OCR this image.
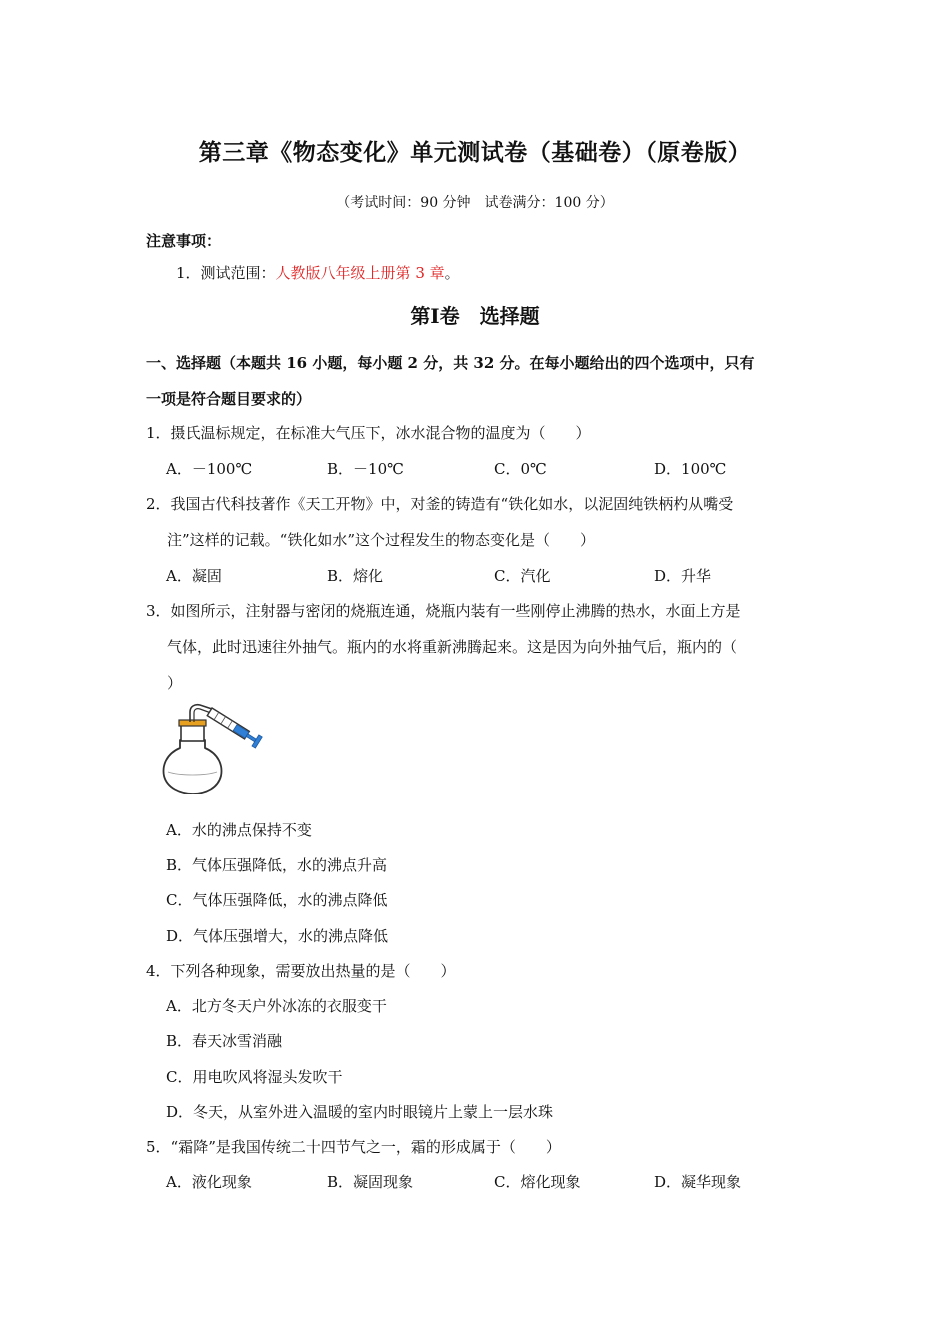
第三章《物态变化》单元测试卷（基础卷）（原卷版）
（考试时间：90 分钟　试卷满分：100 分）
注意事项：
1．测试范围：人教版八年级上册第 3 章。
第Ⅰ卷　选择题
一、选择题（本题共 16 小题，每小题 2 分，共 32 分。在每小题给出的四个选项中，只有
一项是符合题目要求的）
1．摄氏温标规定，在标准大气压下，冰水混合物的温度为（　　）
A．－100℃	B．－10℃	C．0℃	D．100℃
2．我国古代科技著作《天工开物》中，对釜的铸造有“铁化如水，以泥固纯铁柄杓从嘴受
注”这样的记载。“铁化如水”这个过程发生的物态变化是（　　）
A．凝固	B．熔化	C．汽化	D．升华
3．如图所示，注射器与密闭的烧瓶连通，烧瓶内装有一些刚停止沸腾的热水，水面上方是
气体，此时迅速往外抽气。瓶内的水将重新沸腾起来。这是因为向外抽气后，瓶内的（
）
A．水的沸点保持不变
B．气体压强降低，水的沸点升高
C．气体压强降低，水的沸点降低
D．气体压强增大，水的沸点降低
4．下列各种现象，需要放出热量的是（　　）
A．北方冬天户外冰冻的衣服变干
B．春天冰雪消融
C．用电吹风将湿头发吹干
D．冬天，从室外进入温暖的室内时眼镜片上蒙上一层水珠
5．“霜降”是我国传统二十四节气之一，霜的形成属于（　　）
A．液化现象	B．凝固现象	C．熔化现象	D．凝华现象
